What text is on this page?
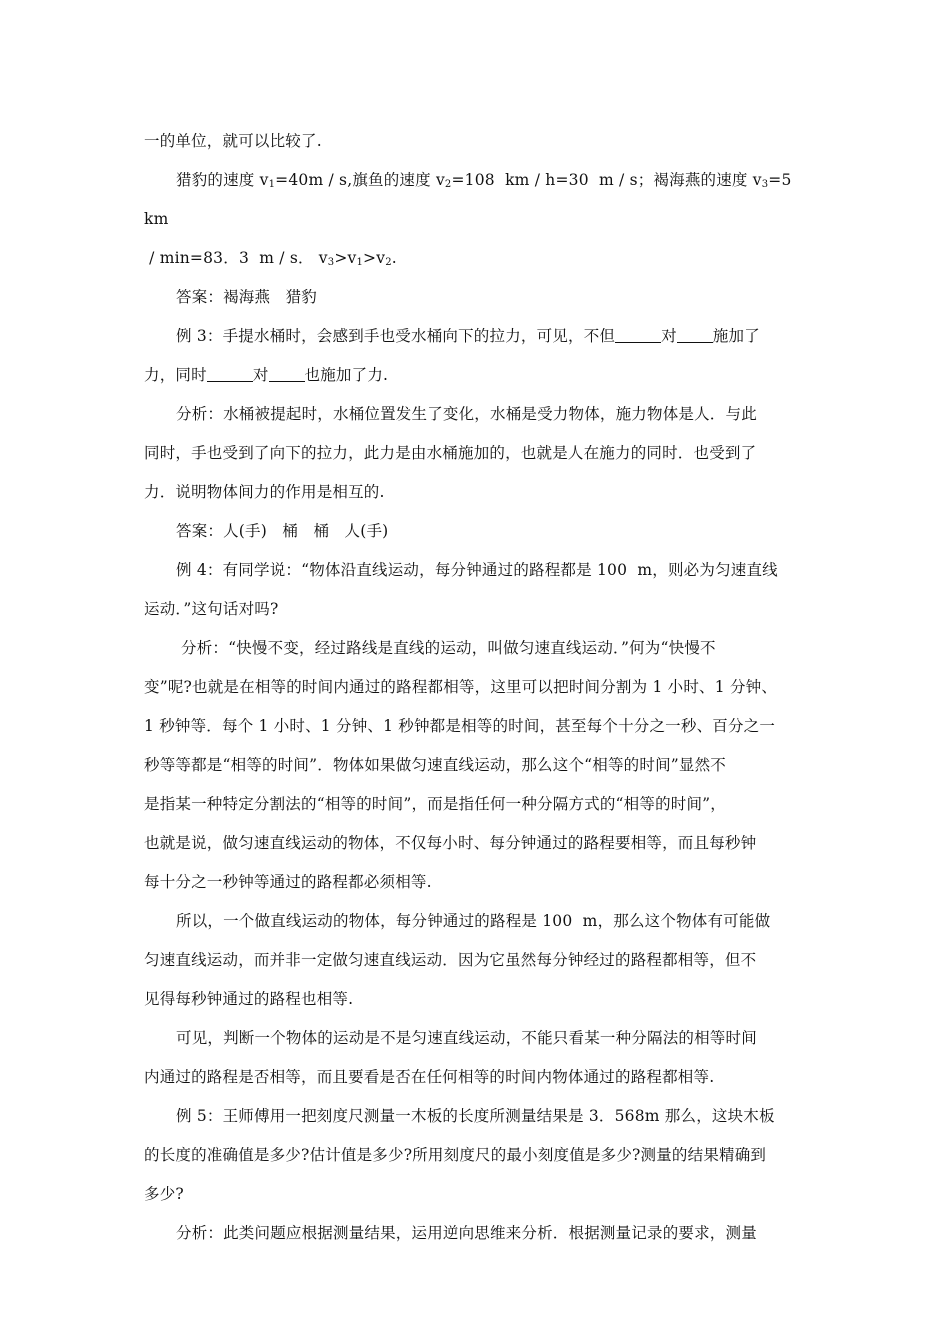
一的单位，就可以比较了.

猎豹的速度 $v_1=40m / s$,旗鱼的速度 $v_2=108$  km / h=30  m / s；褐海燕的速度 $v_3=5$  km

/ min=83．3  m / s． $v_3>v_1>v_2$.

答案：褐海燕   猎豹

例 3：手提水桶时，会感到手也受水桶向下的拉力，可见，不但	对 施加了

力，同时	对 也施加了力.

分析：水桶被提起时，水桶位置发生了变化，水桶是受力物体，施力物体是人．与此

同时，手也受到了向下的拉力，此力是由水桶施加的，也就是人在施力的同时．也受到了

力．说明物体间力的作用是相互的.

答案：人(手)   桶   桶   人(手)

例 4：有同学说：“物体沿直线运动，每分钟通过的路程都是 100  m，则必为匀速直线

运动．”这句话对吗?

分析：“快慢不变，经过路线是直线的运动，叫做匀速直线运动．”何为“快慢不

变”呢?也就是在相等的时间内通过的路程都相等，这里可以把时间分割为 1 小时、1 分钟、

1 秒钟等．每个 1 小时、1 分钟、1 秒钟都是相等的时间，甚至每个十分之一秒、百分之一

秒等等都是“相等的时间”．物体如果做匀速直线运动，那么这个“相等的时间”显然不

是指某一种特定分割法的“相等的时间”，而是指任何一种分隔方式的“相等的时间”，

也就是说，做匀速直线运动的物体，不仅每小时、每分钟通过的路程要相等，而且每秒钟

每十分之一秒钟等通过的路程都必须相等.

所以，一个做直线运动的物体，每分钟通过的路程是 100  m，那么这个物体有可能做

匀速直线运动，而并非一定做匀速直线运动．因为它虽然每分钟经过的路程都相等，但不

见得每秒钟通过的路程也相等.

可见，判断一个物体的运动是不是匀速直线运动，不能只看某一种分隔法的相等时间

内通过的路程是否相等，而且要看是否在任何相等的时间内物体通过的路程都相等.

例 5：王师傅用一把刻度尺测量一木板的长度所测量结果是 3．568m 那么，这块木板

的长度的准确值是多少?估计值是多少?所用刻度尺的最小刻度值是多少?测量的结果精确到

多少?

分析：此类问题应根据测量结果，运用逆向思维来分析．根据测量记录的要求，测量
